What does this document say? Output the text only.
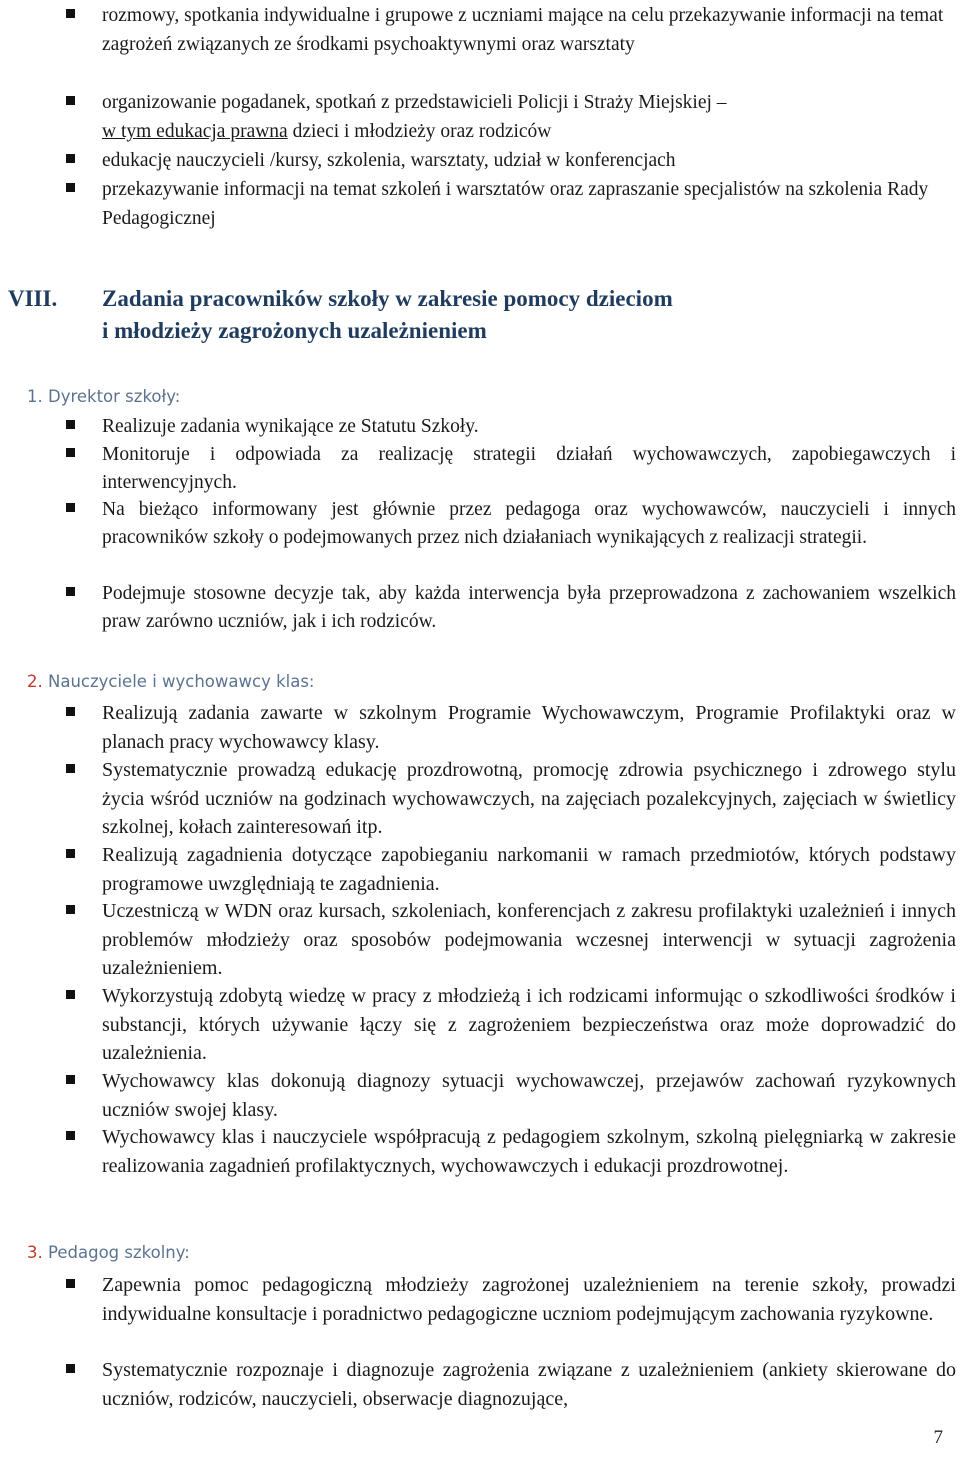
rozmowy, spotkania indywidualne i grupowe z uczniami mające na celu przekazywanie informacji na temat zagrożeń związanych ze środkami psychoaktywnymi oraz warsztaty
organizowanie pogadanek, spotkań z przedstawicieli Policji i Straży Miejskiej –
w tym edukacja prawna dzieci i młodzieży oraz rodziców
edukację nauczycieli /kursy, szkolenia, warsztaty, udział w konferencjach
przekazywanie informacji na temat szkoleń i warsztatów oraz zapraszanie specjalistów na szkolenia Rady Pedagogicznej
VIII. Zadania pracowników szkoły w zakresie pomocy dzieciom
i młodzieży zagrożonych uzależnieniem
1. Dyrektor szkoły:
Realizuje zadania wynikające ze Statutu Szkoły.
Monitoruje i odpowiada za realizację strategii działań wychowawczych, zapobiegawczych i interwencyjnych.
Na bieżąco informowany jest głównie przez pedagoga oraz wychowawców, nauczycieli i innych pracowników szkoły o podejmowanych przez nich działaniach wynikających z realizacji strategii.
Podejmuje stosowne decyzje tak, aby każda interwencja była przeprowadzona z zachowaniem wszelkich praw zarówno uczniów, jak i ich rodziców.
2. Nauczyciele i wychowawcy klas:
Realizują zadania zawarte w szkolnym Programie Wychowawczym, Programie Profilaktyki oraz w planach pracy wychowawcy klasy.
Systematycznie prowadzą edukację prozdrowotną, promocję zdrowia psychicznego i zdrowego stylu życia wśród uczniów na godzinach wychowawczych, na zajęciach pozalekcyjnych, zajęciach w świetlicy szkolnej, kołach zainteresowań itp.
Realizują zagadnienia dotyczące zapobieganiu narkomanii w ramach przedmiotów, których podstawy programowe uwzględniają te zagadnienia.
Uczestniczą w WDN oraz kursach, szkoleniach, konferencjach z zakresu profilaktyki uzależnień i innych problemów młodzieży oraz sposobów podejmowania wczesnej interwencji w sytuacji zagrożenia uzależnieniem.
Wykorzystują zdobytą wiedzę w pracy z młodzieżą i ich rodzicami informując o szkodliwości środków i substancji, których używanie łączy się z zagrożeniem bezpieczeństwa oraz może doprowadzić do uzależnienia.
Wychowawcy klas dokonują diagnozy sytuacji wychowawczej, przejawów zachowań ryzykownych uczniów swojej klasy.
Wychowawcy klas i nauczyciele współpracują z pedagogiem szkolnym, szkolną pielęgniarką w zakresie realizowania zagadnień profilaktycznych, wychowawczych i edukacji prozdrowotnej.
3. Pedagog szkolny:
Zapewnia pomoc pedagogiczną młodzieży zagrożonej uzależnieniem na terenie szkoły, prowadzi indywidualne konsultacje i poradnictwo pedagogiczne uczniom podejmującym zachowania ryzykowne.
Systematycznie rozpoznaje i diagnozuje zagrożenia związane z uzależnieniem (ankiety skierowane do uczniów, rodziców, nauczycieli, obserwacje diagnozujące,
7
